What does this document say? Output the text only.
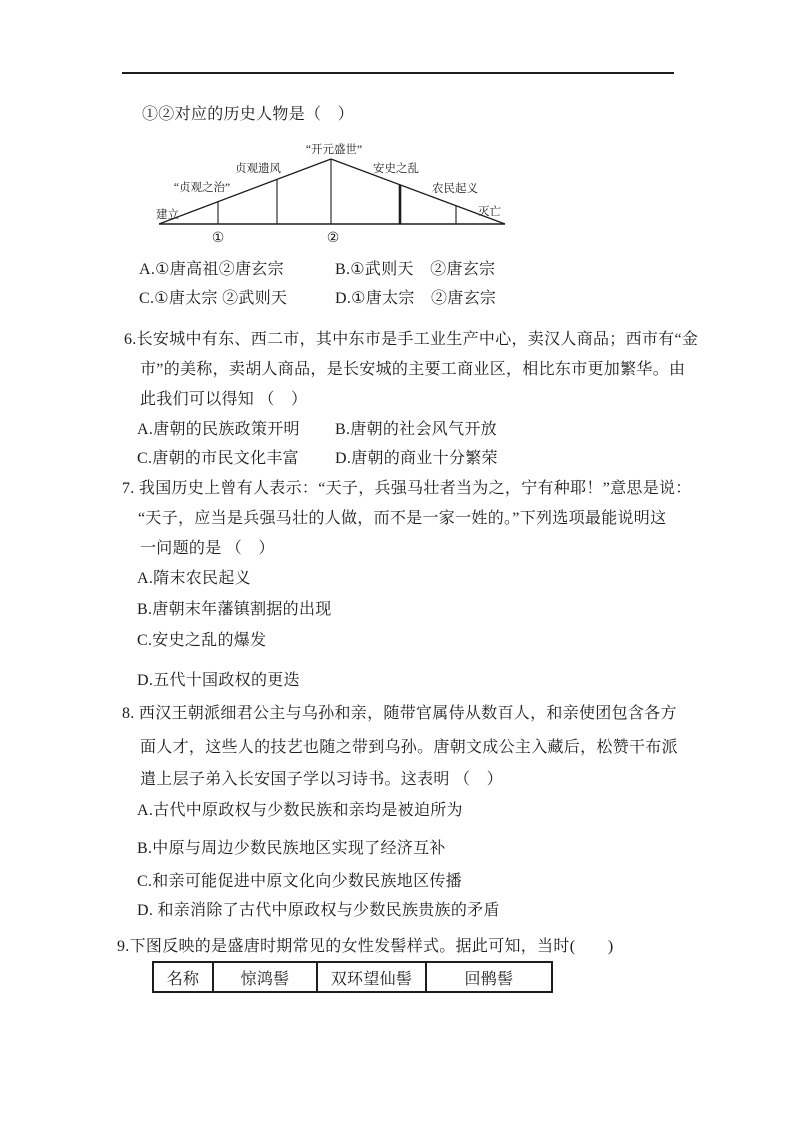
①②对应的历史人物是（　）
建立	灭亡
“贞观之治”
贞观遗风
“开元盛世”
安史之乱
农民起义
①	②
A.①唐高祖②唐玄宗	B.①武则天　②唐玄宗
C.①唐太宗 ②武则天	D.①唐太宗　②唐玄宗
6.长安城中有东、西二市，其中东市是手工业生产中心，卖汉人商品；西市有“金
市”的美称，卖胡人商品，是长安城的主要工商业区，相比东市更加繁华。由
此我们可以得知 （　）
A.唐朝的民族政策开明 B.唐朝的社会风气开放
C.唐朝的市民文化丰富 D.唐朝的商业十分繁荣
7. 我国历史上曾有人表示：“天子，兵强马壮者当为之，宁有种耶！”意思是说：
“天子，应当是兵强马壮的人做，而不是一家一姓的。”下列选项最能说明这
一问题的是 （　）
A.隋末农民起义
B.唐朝末年藩镇割据的出现
C.安史之乱的爆发
D.五代十国政权的更迭
8. 西汉王朝派细君公主与乌孙和亲，随带官属侍从数百人，和亲使团包含各方
面人才，这些人的技艺也随之带到乌孙。唐朝文成公主入藏后，松赞干布派
遣上层子弟入长安国子学以习诗书。这表明 （　）
A.古代中原政权与少数民族和亲均是被迫所为
B.中原与周边少数民族地区实现了经济互补
C.和亲可能促进中原文化向少数民族地区传播
D. 和亲消除了古代中原政权与少数民族贵族的矛盾
9.下图反映的是盛唐时期常见的女性发髻样式。据此可知，当时(　　)
名称	惊鸿髻	双环望仙髻	回鹘髻
